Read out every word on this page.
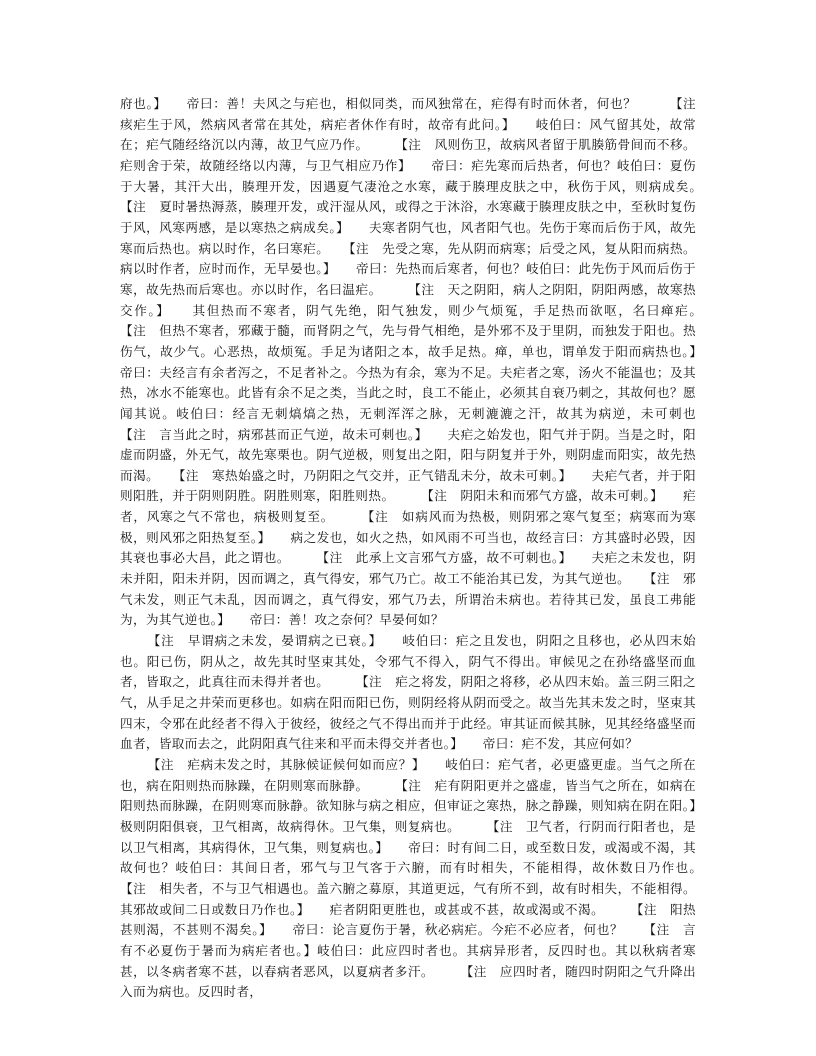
府也。】　　帝曰：善！夫风之与疟也，相似同类，而风独常在，疟得有时而休者，何也？　　　【注　痎疟生于风，然病风者常在其处，病疟者休作有时，故帝有此问。】　　岐伯曰：风气留其处，故常在；疟气随经络沉以内薄，故卫气应乃作。　　　【注　风则伤卫，故病风者留于肌腠筋骨间而不移。疟则舍于荣，故随经络以内薄，与卫气相应乃作】　　帝曰：疟先寒而后热者，何也？岐伯曰：夏伤于大暑，其汗大出，腠理开发，因遇夏气凄沧之水寒，藏于腠理皮肤之中，秋伤于风，则病成矣。　　　【注　夏时暑热溽蒸，腠理开发，或汗湿从风，或得之于沐浴，水寒藏于腠理皮肤之中，至秋时复伤于风，风寒两感，是以寒热之病成矣。】　　夫寒者阴气也，风者阳气也。先伤于寒而后伤于风，故先寒而后热也。病以时作，名曰寒疟。　　【注　先受之寒，先从阴而病寒；后受之风，复从阳而病热。病以时作者，应时而作，无早晏也。】　　帝曰：先热而后寒者，何也？岐伯曰：此先伤于风而后伤于寒，故先热而后寒也。亦以时作，名曰温疟。　　　【注　天之阴阳，病人之阴阳，阴阳两感，故寒热交作。】　　其但热而不寒者，阴气先绝，阳气独发，则少气烦冤，手足热而欲呕，名曰瘅疟。　　　【注　但热不寒者，邪藏于髓，而肾阴之气，先与骨气相绝，是外邪不及于里阴，而独发于阳也。热伤气，故少气。心恶热，故烦冤。手足为诸阳之本，故手足热。瘅，单也，谓单发于阳而病热也。】　　帝曰：夫经言有余者泻之，不足者补之。今热为有余，寒为不足。夫疟者之寒，汤火不能温也；及其热，冰水不能寒也。此皆有余不足之类，当此之时，良工不能止，必须其自衰乃刺之，其故何也？愿闻其说。岐伯曰：经言无刺熇熇之热，无刺浑浑之脉，无刺漉漉之汗，故其为病逆，未可刺也　　【注　言当此之时，病邪甚而正气逆，故未可刺也。】　　夫疟之始发也，阳气并于阴。当是之时，阳虚而阴盛，外无气，故先寒栗也。阴气逆极，则复出之阳，阳与阴复并于外，则阴虚而阳实，故先热而渴。　　【注　寒热始盛之时，乃阴阳之气交并，正气错乱未分，故未可刺。】　　夫疟气者，并于阳则阳胜，并于阴则阴胜。阴胜则寒，阳胜则热。　　　【注　阴阳未和而邪气方盛，故未可刺。】　　疟者，风寒之气不常也，病极则复至。　　　【注　如病风而为热极，则阴邪之寒气复至；病寒而为寒极，则风邪之阳热复至。】　　病之发也，如火之热，如风雨不可当也，故经言曰：方其盛时必毁，因其衰也事必大昌，此之谓也。　　　【注　此承上文言邪气方盛，故不可刺也。】　　夫疟之未发也，阴未并阳，阳未并阴，因而调之，真气得安，邪气乃亡。故工不能治其已发，为其气逆也。　　【注　邪气未发，则正气未乱，因而调之，真气得安，邪气乃去，所谓治未病也。若待其已发，虽良工弗能为，为其气逆也。】　　帝曰：善！攻之奈何？早晏何如？

【注　早谓病之未发，晏谓病之已衰。】　　岐伯曰：疟之且发也，阴阳之且移也，必从四末始也。阳已伤，阴从之，故先其时坚束其处，令邪气不得入，阴气不得出。审候见之在孙络盛坚而血者，皆取之，此真往而未得并者也。　　　【注　疟之将发，阴阳之将移，必从四末始。盖三阴三阳之气，从手足之井荣而更移也。如病在阳而阳已伤，则阴经将从阴而受之。故当先其未发之时，坚束其四末，令邪在此经者不得入于彼经，彼经之气不得出而并于此经。审其证而候其脉，见其经络盛坚而血者，皆取而去之，此阴阳真气往来和平而未得交并者也。】　　帝曰：疟不发，其应何如？

【注　疟病未发之时，其脉候证候何如而应？】　　岐伯曰：疟气者，必更盛更虚。当气之所在也，病在阳则热而脉躁，在阴则寒而脉静。　　　【注　疟有阴阳更并之盛虚，皆当气之所在，如病在阳则热而脉躁，在阴则寒而脉静。欲知脉与病之相应，但审证之寒热，脉之静躁，则知病在阴在阳。】　　极则阴阳俱衰，卫气相离，故病得休。卫气集，则复病也。　　　【注　卫气者，行阴而行阳者也，是以卫气相离，其病得休，卫气集，则复病也。】　　帝曰：时有间二日，或至数日发，或渴或不渴，其故何也？岐伯曰：其间日者，邪气与卫气客于六腑，而有时相失，不能相得，故休数日乃作也。　　　【注　相失者，不与卫气相遇也。盖六腑之募原，其道更远，气有所不到，故有时相失，不能相得。其邪故或间二日或数日乃作也。】　　疟者阴阳更胜也，或甚或不甚，故或渴或不渴。　　　【注　阳热甚则渴，不甚则不渴矣。】　　帝曰：论言夏伤于暑，秋必病疟。今疟不必应者，何也？　　【注　言有不必夏伤于暑而为病疟者也。】岐伯曰：此应四时者也。其病异形者，反四时也。其以秋病者寒甚，以冬病者寒不甚，以春病者恶风，以夏病者多汗。　　　【注　应四时者，随四时阴阳之气升降出入而为病也。反四时者，
